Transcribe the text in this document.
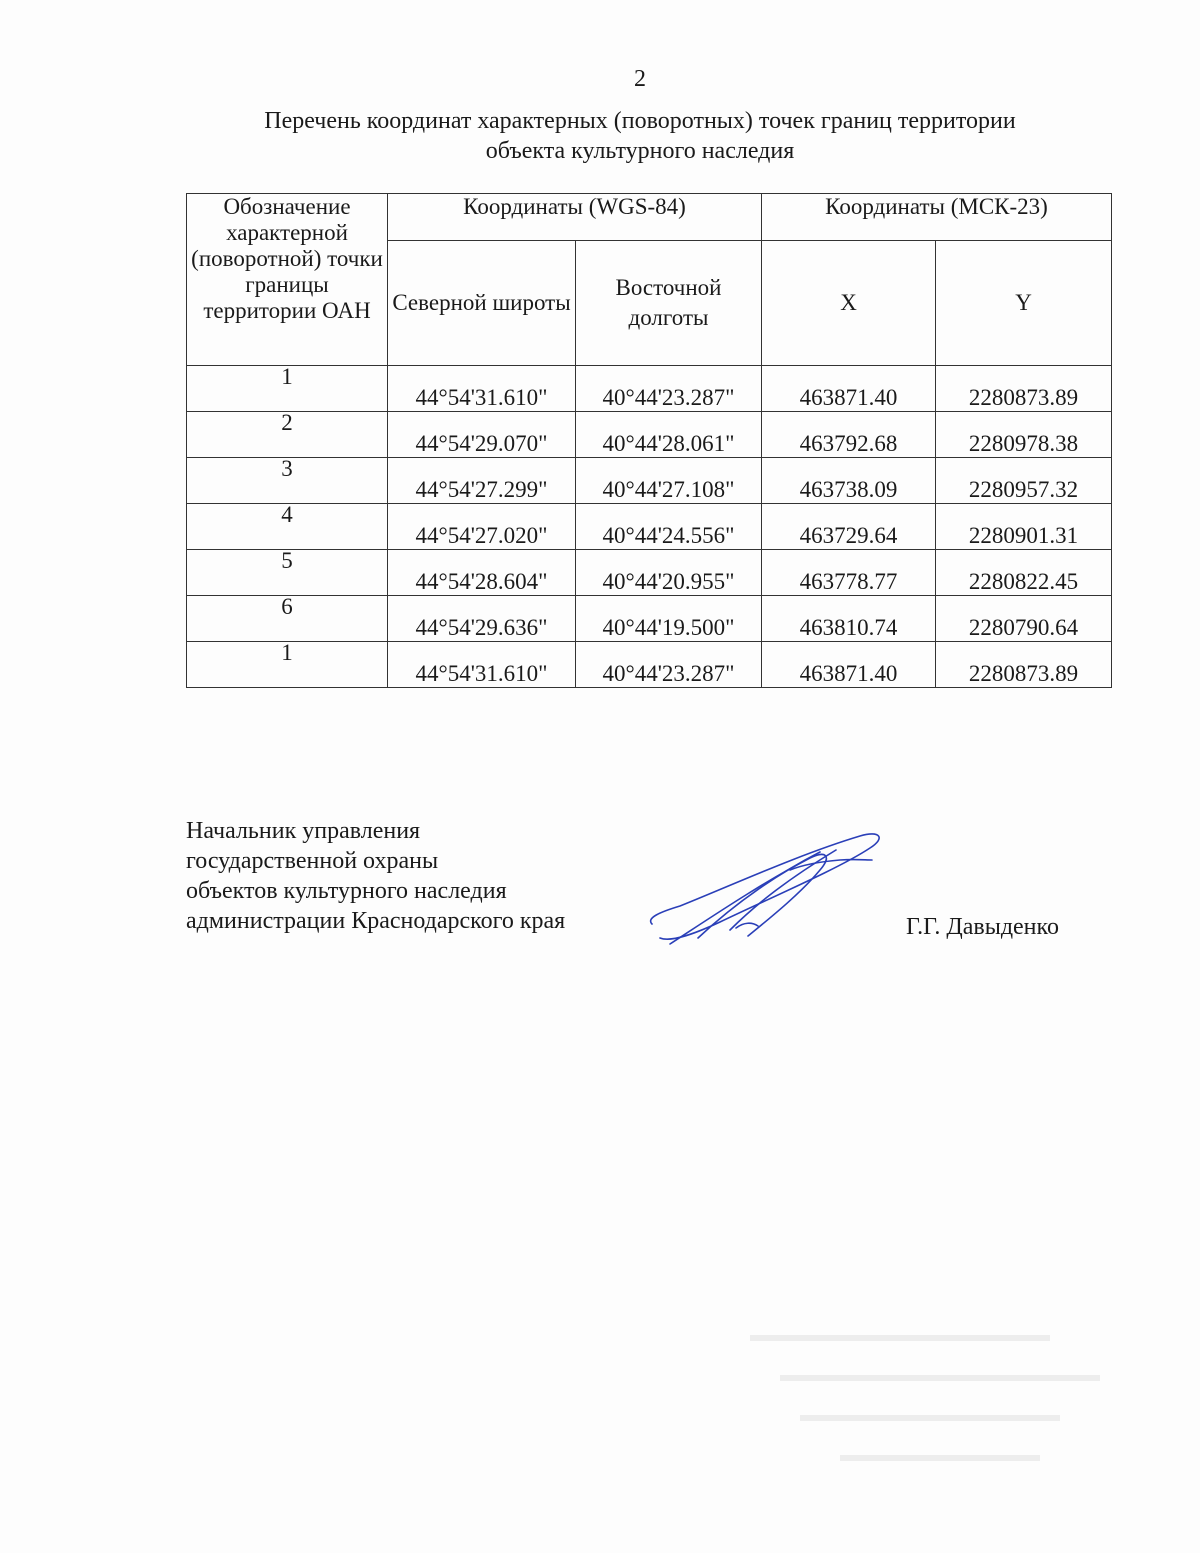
2
Перечень координат характерных (поворотных) точек границ территории
объекта культурного наследия
Обозначение характерной (поворотной) точки границы территории ОАН	Координаты (WGS-84)		Координаты (МСК-23)	
	Северной широты	Восточной долготы	X	Y
1	44°54'31.610"	40°44'23.287"	463871.40	2280873.89
2	44°54'29.070"	40°44'28.061"	463792.68	2280978.38
3	44°54'27.299"	40°44'27.108"	463738.09	2280957.32
4	44°54'27.020"	40°44'24.556"	463729.64	2280901.31
5	44°54'28.604"	40°44'20.955"	463778.77	2280822.45
6	44°54'29.636"	40°44'19.500"	463810.74	2280790.64
1	44°54'31.610"	40°44'23.287"	463871.40	2280873.89
Начальник управления
государственной охраны
объектов культурного наследия
администрации Краснодарского края	Г.Г. Давыденко
